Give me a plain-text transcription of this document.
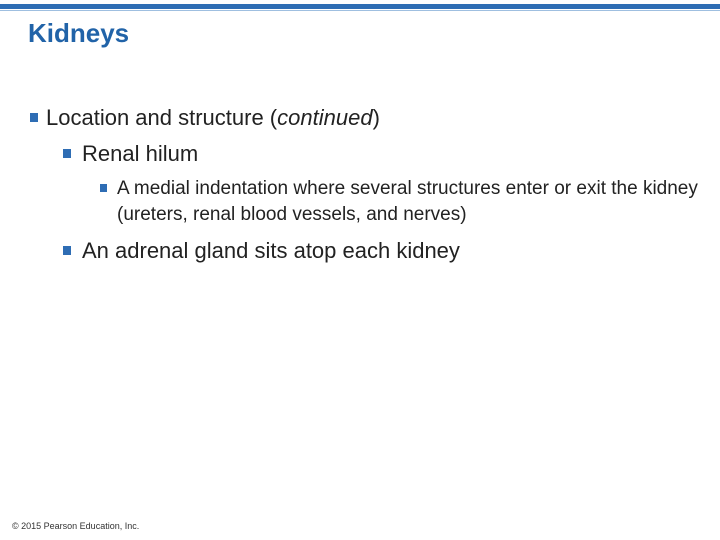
Kidneys
Location and structure (continued)
Renal hilum
A medial indentation where several structures enter or exit the kidney (ureters, renal blood vessels, and nerves)
An adrenal gland sits atop each kidney
© 2015 Pearson Education, Inc.
